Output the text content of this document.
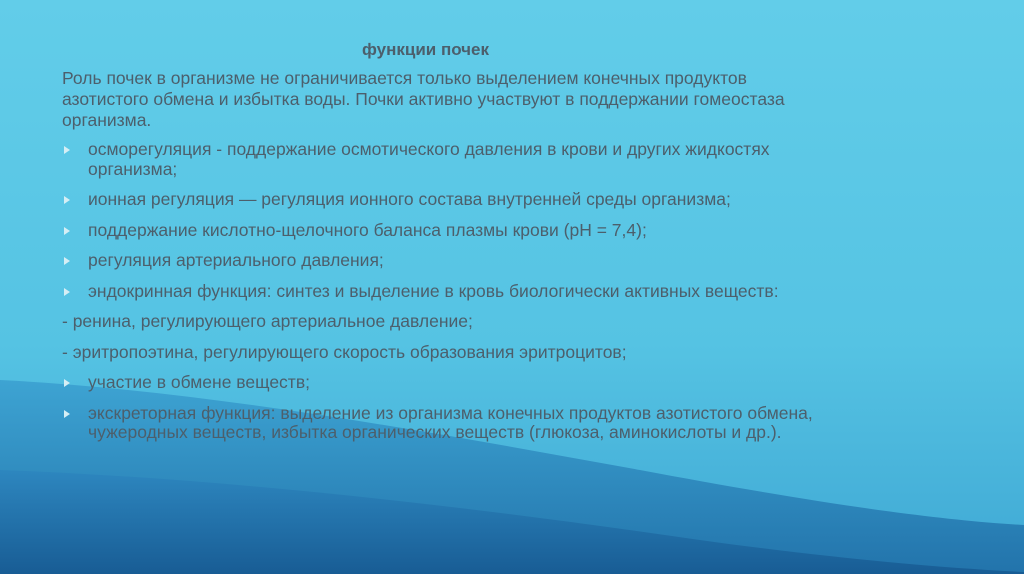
функции почек
Роль почек в организме не ограничивается только выделением конечных продуктов азотистого обмена и избытка воды. Почки активно участвуют в поддержании гомеостаза организма.
осморегуляция - поддержание осмотического давления в крови и других жидкостях организма;
ионная регуляция — регуляция ионного состава внутренней среды организма;
поддержание кислотно-щелочного баланса плазмы крови (pH = 7,4);
регуляция артериального давления;
эндокринная функция: синтез и выделение в кровь биологически активных веществ:
- ренина, регулирующего артериальное давление;
- эритропоэтина, регулирующего скорость образования эритроцитов;
участие в обмене веществ;
экскреторная функция: выделение из организма конечных продуктов азотистого обмена, чужеродных веществ, избытка органических веществ (глюкоза, аминокислоты и др.).
